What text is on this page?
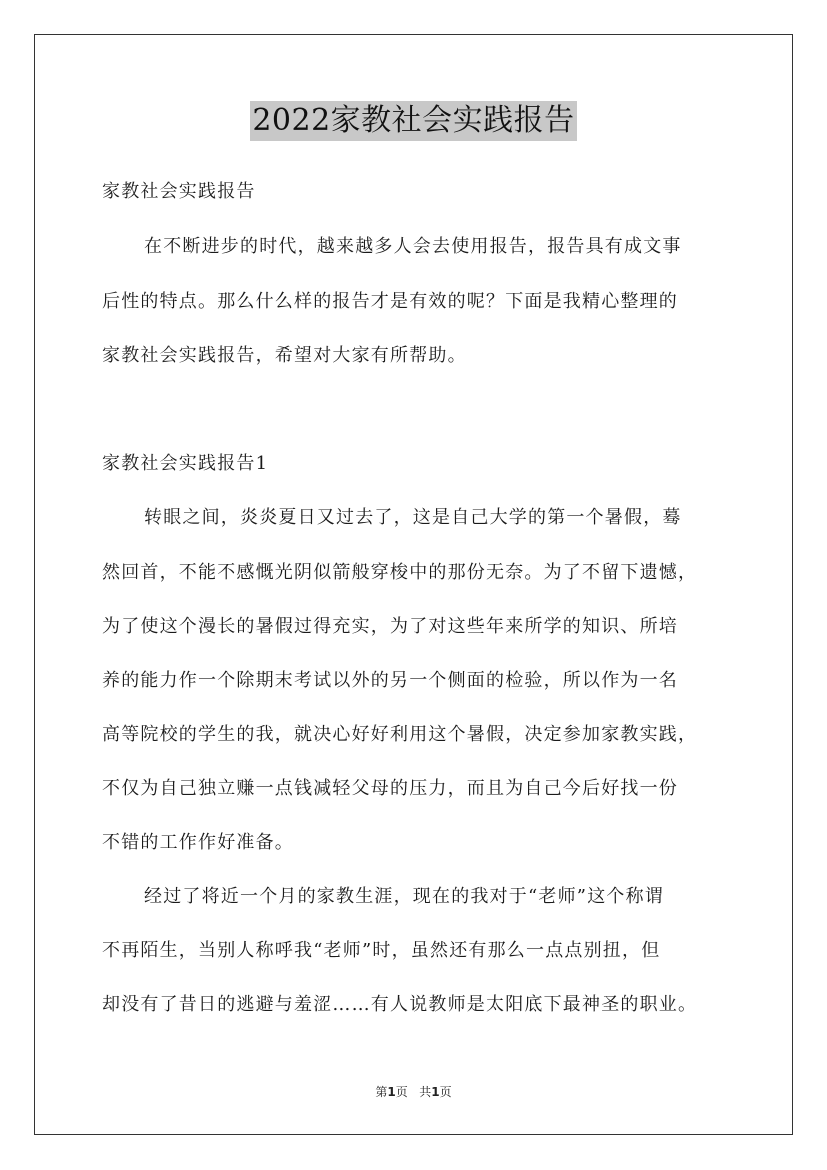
2022家教社会实践报告
家教社会实践报告
在不断进步的时代，越来越多人会去使用报告，报告具有成文事
后性的特点。那么什么样的报告才是有效的呢？下面是我精心整理的
家教社会实践报告，希望对大家有所帮助。
家教社会实践报告1
转眼之间，炎炎夏日又过去了，这是自己大学的第一个暑假，蓦
然回首，不能不感慨光阴似箭般穿梭中的那份无奈。为了不留下遗憾，
为了使这个漫长的暑假过得充实，为了对这些年来所学的知识、所培
养的能力作一个除期末考试以外的另一个侧面的检验，所以作为一名
高等院校的学生的我，就决心好好利用这个暑假，决定参加家教实践，
不仅为自己独立赚一点钱减轻父母的压力，而且为自己今后好找一份
不错的工作作好准备。
经过了将近一个月的家教生涯，现在的我对于“老师”这个称谓
不再陌生，当别人称呼我“老师”时，虽然还有那么一点点别扭，但
却没有了昔日的逃避与羞涩……有人说教师是太阳底下最神圣的职业。
第1页 共1页
